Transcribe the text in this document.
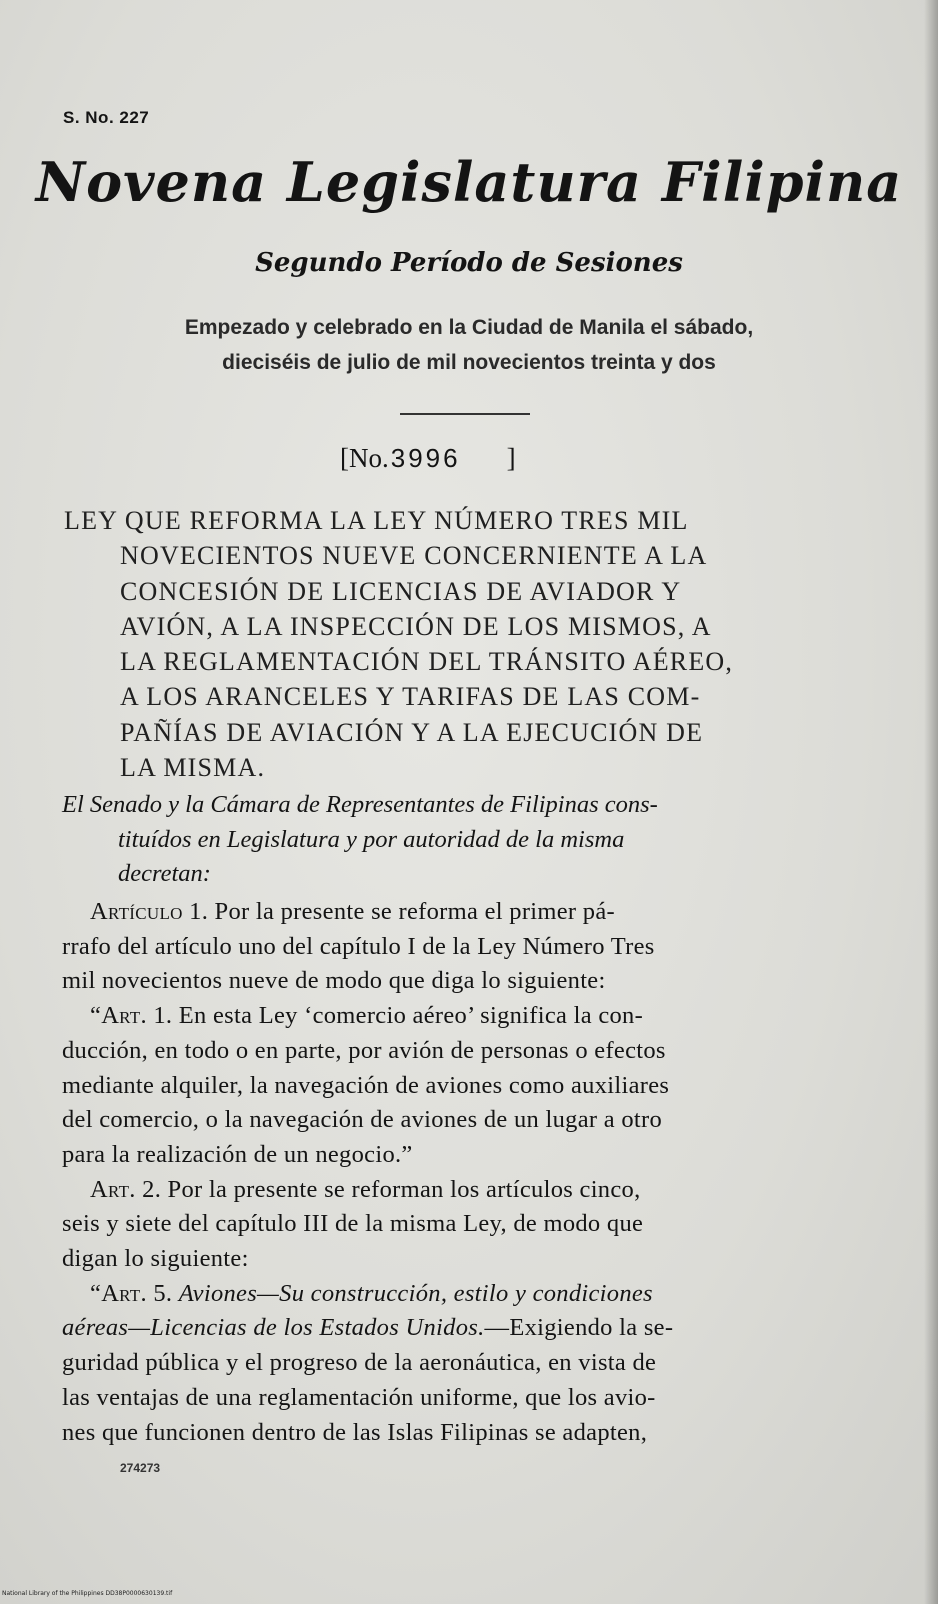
S. No. 227
Novena Legislatura Filipina
Segundo Período de Sesiones
Empezado y celebrado en la Ciudad de Manila el sábado,
dieciséis de julio de mil novecientos treinta y dos
[No.3996 ]
LEY QUE REFORMA LA LEY NÚMERO TRES MIL
NOVECIENTOS NUEVE CONCERNIENTE A LA
CONCESIÓN DE LICENCIAS DE AVIADOR Y
AVIÓN, A LA INSPECCIÓN DE LOS MISMOS, A
LA REGLAMENTACIÓN DEL TRÁNSITO AÉREO,
A LOS ARANCELES Y TARIFAS DE LAS COM-
PAÑÍAS DE AVIACIÓN Y A LA EJECUCIÓN DE
LA MISMA.
El Senado y la Cámara de Representantes de Filipinas cons-
tituídos en Legislatura y por autoridad de la misma
decretan:
Artículo 1. Por la presente se reforma el primer pá-
rrafo del artículo uno del capítulo I de la Ley Número Tres
mil novecientos nueve de modo que diga lo siguiente:
“Art. 1. En esta Ley ‘comercio aéreo’ significa la con-
ducción, en todo o en parte, por avión de personas o efectos
mediante alquiler, la navegación de aviones como auxiliares
del comercio, o la navegación de aviones de un lugar a otro
para la realización de un negocio.”
Art. 2. Por la presente se reforman los artículos cinco,
seis y siete del capítulo III de la misma Ley, de modo que
digan lo siguiente:
“Art. 5. Aviones—Su construcción, estilo y condiciones
aéreas—Licencias de los Estados Unidos.—Exigiendo la se-
guridad pública y el progreso de la aeronáutica, en vista de
las ventajas de una reglamentación uniforme, que los avio-
nes que funcionen dentro de las Islas Filipinas se adapten,
274273
National Library of the Philippines DD38P0000630139.tif
